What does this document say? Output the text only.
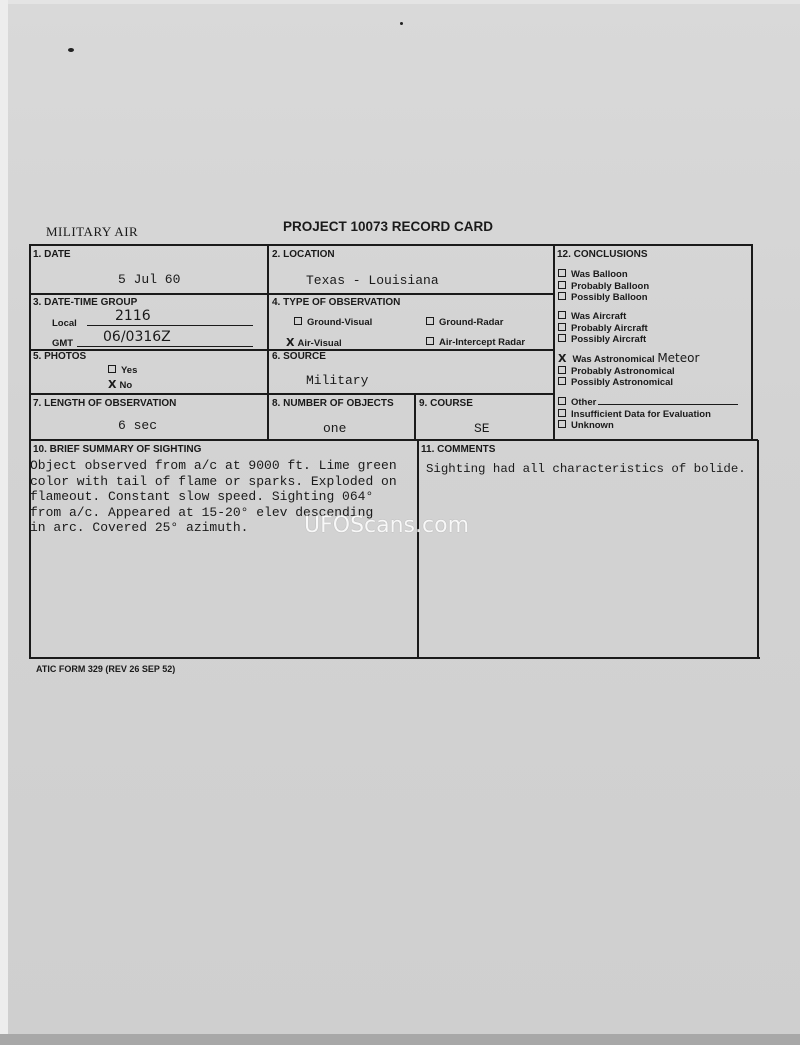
MILITARY AIR	PROJECT 10073 RECORD CARD
1. DATE
5 Jul 60
2. LOCATION
Texas - Louisiana
3. DATE-TIME GROUP
Local	2116
GMT 06/0316Z
4. TYPE OF OBSERVATION
Ground-Visual	Ground-Radar
X Air-Visual	Air-Intercept Radar
5. PHOTOS
Yes
X No
6. SOURCE
Military
7. LENGTH OF OBSERVATION
6 sec
8. NUMBER OF OBJECTS
one
9. COURSE
SE
12. CONCLUSIONS
Was Balloon
Probably Balloon
Possibly Balloon
Was Aircraft
Probably Aircraft
Possibly Aircraft
X Was Astronomical Meteor
Probably Astronomical
Possibly Astronomical
Other
Insufficient Data for Evaluation
Unknown
10. BRIEF SUMMARY OF SIGHTING
Object observed from a/c at 9000 ft. Lime green
color with tail of flame or sparks. Exploded on
flameout. Constant slow speed. Sighting 064°
from a/c. Appeared at 15-20° elev descending
in arc. Covered 25° azimuth.
11. COMMENTS
Sighting had all characteristics of bolide.
UFOScans.com
ATIC FORM 329 (REV 26 SEP 52)
